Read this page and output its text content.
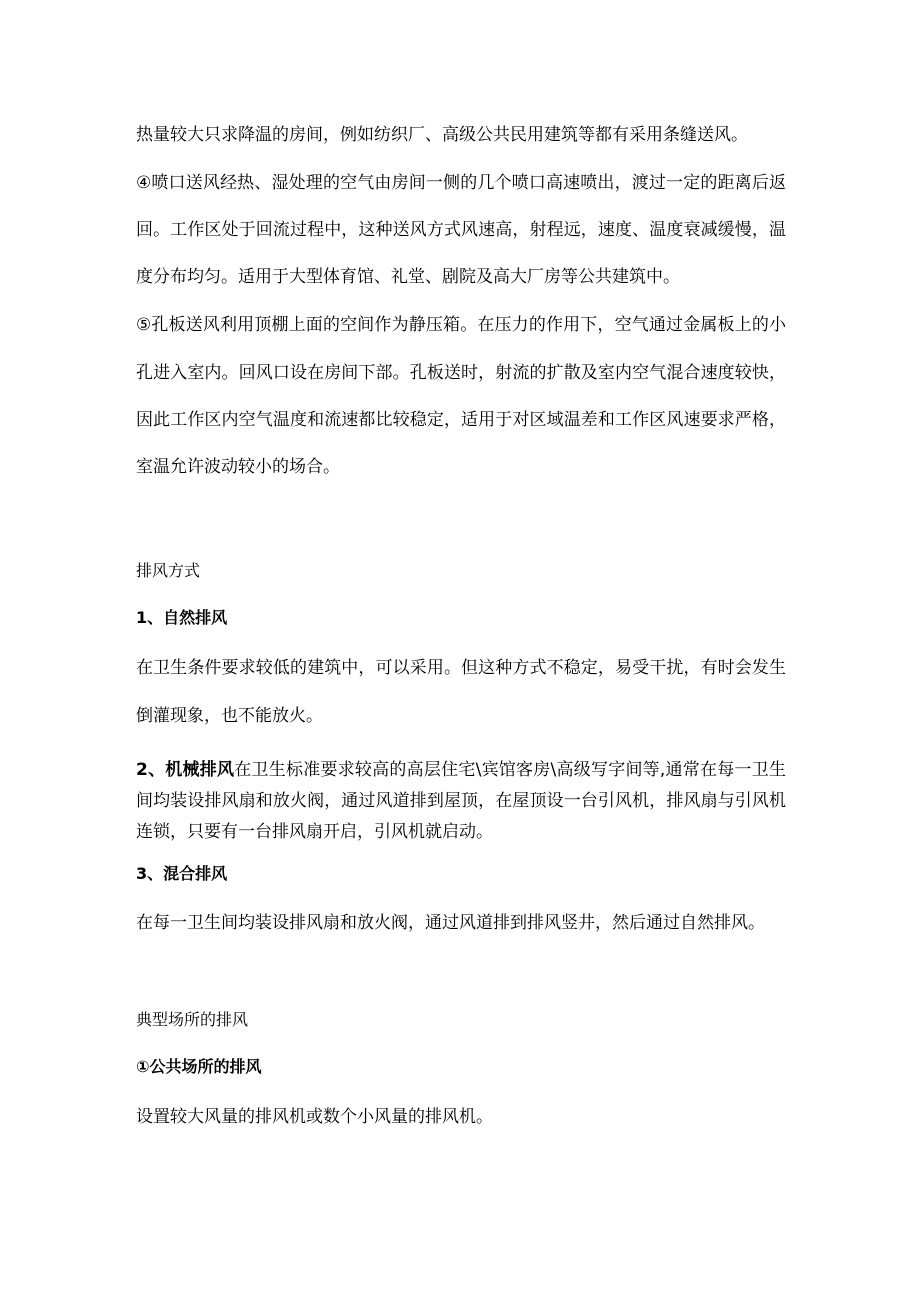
热量较大只求降温的房间，例如纺织厂、高级公共民用建筑等都有采用条缝送风。
④喷口送风经热、湿处理的空气由房间一侧的几个喷口高速喷出，渡过一定的距离后返
回。工作区处于回流过程中，这种送风方式风速高，射程远，速度、温度衰减缓慢，温
度分布均匀。适用于大型体育馆、礼堂、剧院及高大厂房等公共建筑中。
⑤孔板送风利用顶棚上面的空间作为静压箱。在压力的作用下，空气通过金属板上的小
孔进入室内。回风口设在房间下部。孔板送时，射流的扩散及室内空气混合速度较快，
因此工作区内空气温度和流速都比较稳定，适用于对区域温差和工作区风速要求严格，
室温允许波动较小的场合。
排风方式
1、自然排风
在卫生条件要求较低的建筑中，可以采用。但这种方式不稳定，易受干扰，有时会发生
倒灌现象，也不能放火。
2、机械排风在卫生标准要求较高的高层住宅\宾馆客房\高级写字间等,通常在每一卫生
间均装设排风扇和放火阀，通过风道排到屋顶，在屋顶设一台引风机，排风扇与引风机
连锁，只要有一台排风扇开启，引风机就启动。
3、混合排风
在每一卫生间均装设排风扇和放火阀，通过风道排到排风竖井，然后通过自然排风。
典型场所的排风
①公共场所的排风
设置较大风量的排风机或数个小风量的排风机。
